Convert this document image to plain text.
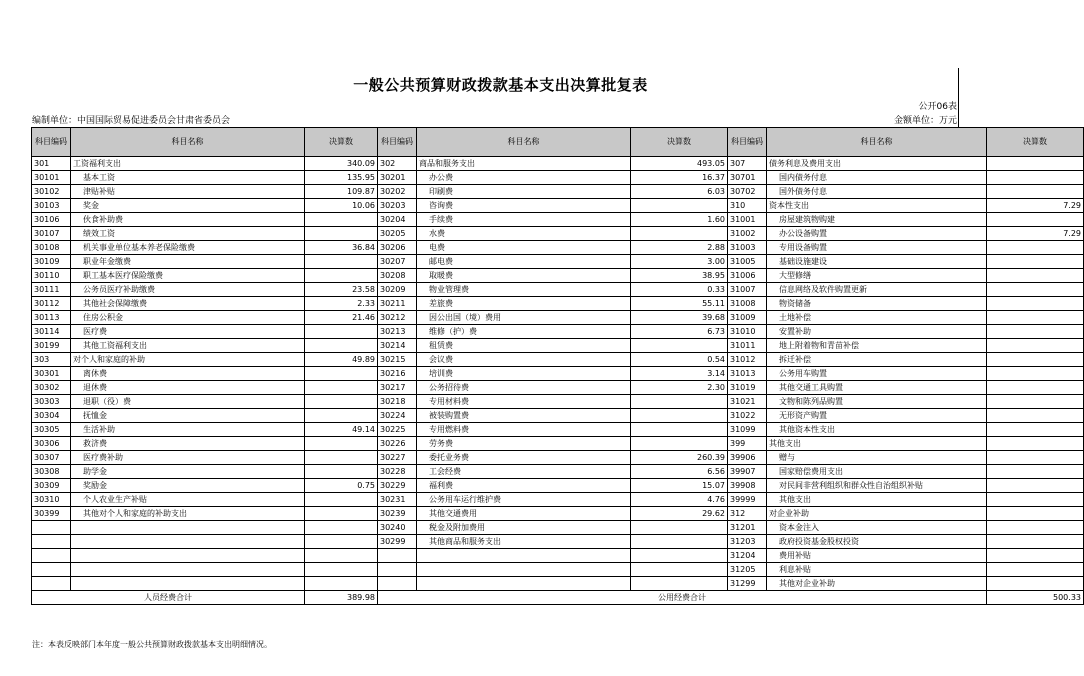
一般公共预算财政拨款基本支出决算批复表
公开06表
编制单位：中国国际贸易促进委员会甘肃省委员会	金额单位：万元
科目编码	科目名称	决算数	科目编码	科目名称	决算数	科目编码	科目名称	决算数
301	工资福利支出	340.09	302	商品和服务支出	493.05	307	债务利息及费用支出	
30101	基本工资	135.95	30201	办公费	16.37	30701	国内债务付息	
30102	津贴补贴	109.87	30202	印刷费	6.03	30702	国外债务付息	
30103	奖金	10.06	30203	咨询费		310	资本性支出	7.29
30106	伙食补助费		30204	手续费	1.60	31001	房屋建筑物购建	
30107	绩效工资		30205	水费		31002	办公设备购置	7.29
30108	机关事业单位基本养老保险缴费	36.84	30206	电费	2.88	31003	专用设备购置	
30109	职业年金缴费		30207	邮电费	3.00	31005	基础设施建设	
30110	职工基本医疗保险缴费		30208	取暖费	38.95	31006	大型修缮	
30111	公务员医疗补助缴费	23.58	30209	物业管理费	0.33	31007	信息网络及软件购置更新	
30112	其他社会保障缴费	2.33	30211	差旅费	55.11	31008	物资储备	
30113	住房公积金	21.46	30212	因公出国（境）费用	39.68	31009	土地补偿	
30114	医疗费		30213	维修（护）费	6.73	31010	安置补助	
30199	其他工资福利支出		30214	租赁费		31011	地上附着物和青苗补偿	
303	对个人和家庭的补助	49.89	30215	会议费	0.54	31012	拆迁补偿	
30301	离休费		30216	培训费	3.14	31013	公务用车购置	
30302	退休费		30217	公务招待费	2.30	31019	其他交通工具购置	
30303	退职（役）费		30218	专用材料费		31021	文物和陈列品购置	
30304	抚恤金		30224	被装购置费		31022	无形资产购置	
30305	生活补助	49.14	30225	专用燃料费		31099	其他资本性支出	
30306	救济费		30226	劳务费		399	其他支出	
30307	医疗费补助		30227	委托业务费	260.39	39906	赠与	
30308	助学金		30228	工会经费	6.56	39907	国家赔偿费用支出	
30309	奖励金	0.75	30229	福利费	15.07	39908	对民间非营利组织和群众性自治组织补贴	
30310	个人农业生产补贴		30231	公务用车运行维护费	4.76	39999	其他支出	
30399	其他对个人和家庭的补助支出		30239	其他交通费用	29.62	312	对企业补助	
			30240	税金及附加费用		31201	资本金注入	
			30299	其他商品和服务支出		31203	政府投资基金股权投资	
						31204	费用补贴	
						31205	利息补贴	
						31299	其他对企业补助	
人员经费合计		389.98	公用经费合计					500.33
注：本表反映部门本年度一般公共预算财政拨款基本支出明细情况。
